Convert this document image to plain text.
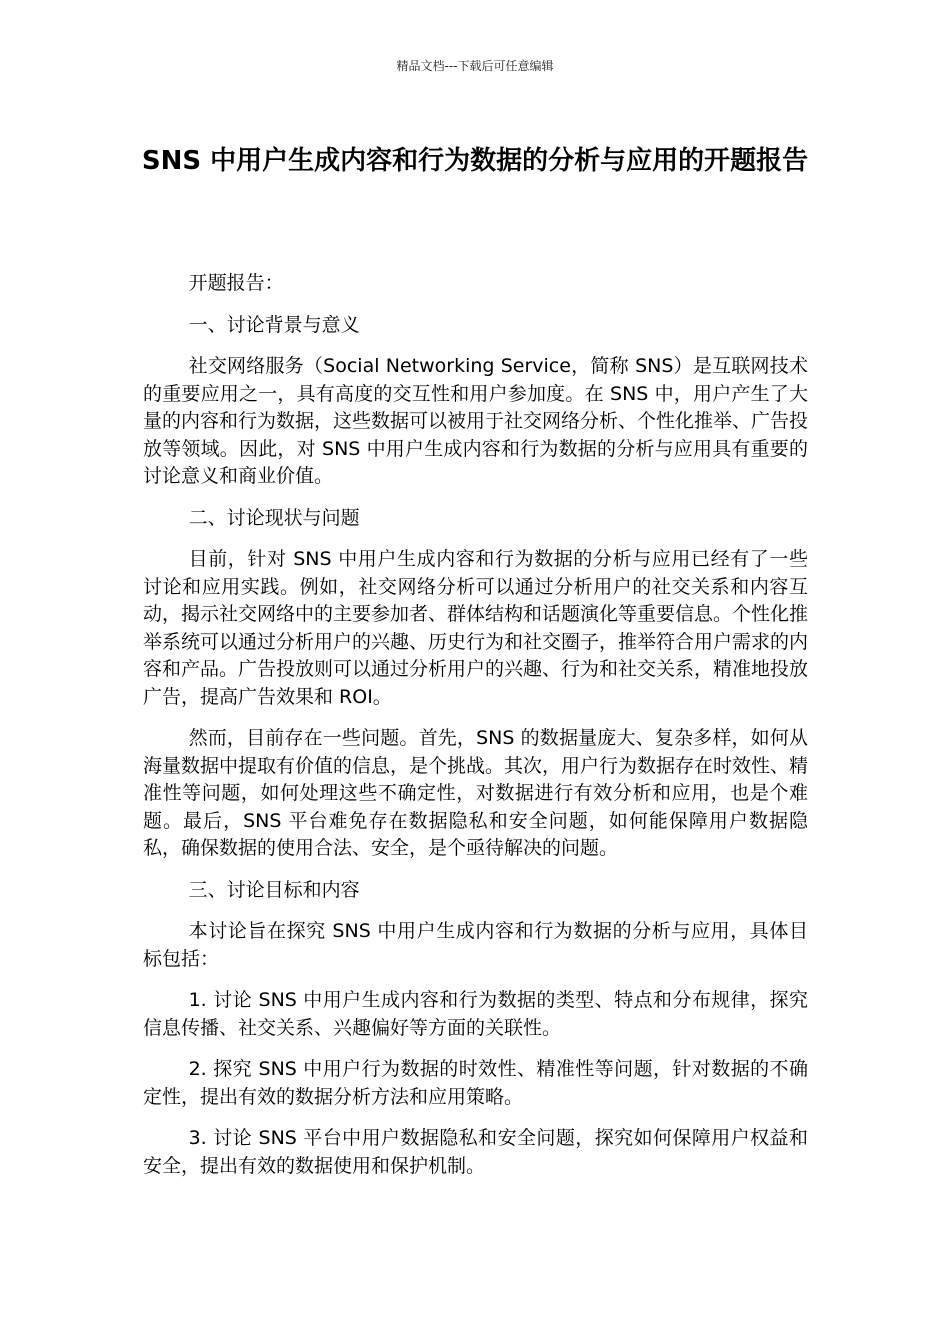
精品文档---下载后可任意编辑
SNS 中用户生成内容和行为数据的分析与应用的开题报告

开题报告：

一、讨论背景与意义

社交网络服务（Social Networking Service，简称 SNS）是互联网技术的重要应用之一，具有高度的交互性和用户参加度。在 SNS 中，用户产生了大量的内容和行为数据，这些数据可以被用于社交网络分析、个性化推举、广告投放等领域。因此，对 SNS 中用户生成内容和行为数据的分析与应用具有重要的讨论意义和商业价值。

二、讨论现状与问题

目前，针对 SNS 中用户生成内容和行为数据的分析与应用已经有了一些讨论和应用实践。例如，社交网络分析可以通过分析用户的社交关系和内容互动，揭示社交网络中的主要参加者、群体结构和话题演化等重要信息。个性化推举系统可以通过分析用户的兴趣、历史行为和社交圈子，推举符合用户需求的内容和产品。广告投放则可以通过分析用户的兴趣、行为和社交关系，精准地投放广告，提高广告效果和 ROI。

然而，目前存在一些问题。首先，SNS 的数据量庞大、复杂多样，如何从海量数据中提取有价值的信息，是个挑战。其次，用户行为数据存在时效性、精准性等问题，如何处理这些不确定性，对数据进行有效分析和应用，也是个难题。最后，SNS 平台难免存在数据隐私和安全问题，如何能保障用户数据隐私，确保数据的使用合法、安全，是个亟待解决的问题。

三、讨论目标和内容

本讨论旨在探究 SNS 中用户生成内容和行为数据的分析与应用，具体目标包括：

1. 讨论 SNS 中用户生成内容和行为数据的类型、特点和分布规律，探究信息传播、社交关系、兴趣偏好等方面的关联性。

2. 探究 SNS 中用户行为数据的时效性、精准性等问题，针对数据的不确定性，提出有效的数据分析方法和应用策略。

3. 讨论 SNS 平台中用户数据隐私和安全问题，探究如何保障用户权益和安全，提出有效的数据使用和保护机制。
